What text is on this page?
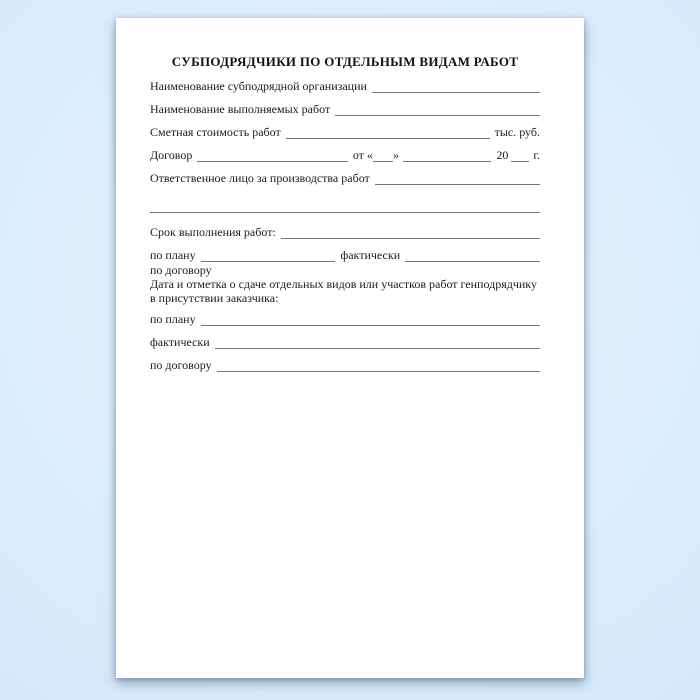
СУБПОДРЯДЧИКИ ПО ОТДЕЛЬНЫМ ВИДАМ РАБОТ
Наименование субподрядной организации
Наименование выполняемых работ
Сметная стоимость работ	тыс. руб.
Договор	от « »	20 г.
Ответственное лицо за производства работ
Срок выполнения работ:
по плану	фактически
по договору

Дата и отметка о сдаче отдельных видов или участков работ генподрядчику в присутствии заказчика:

по плану
фактически
по договору
